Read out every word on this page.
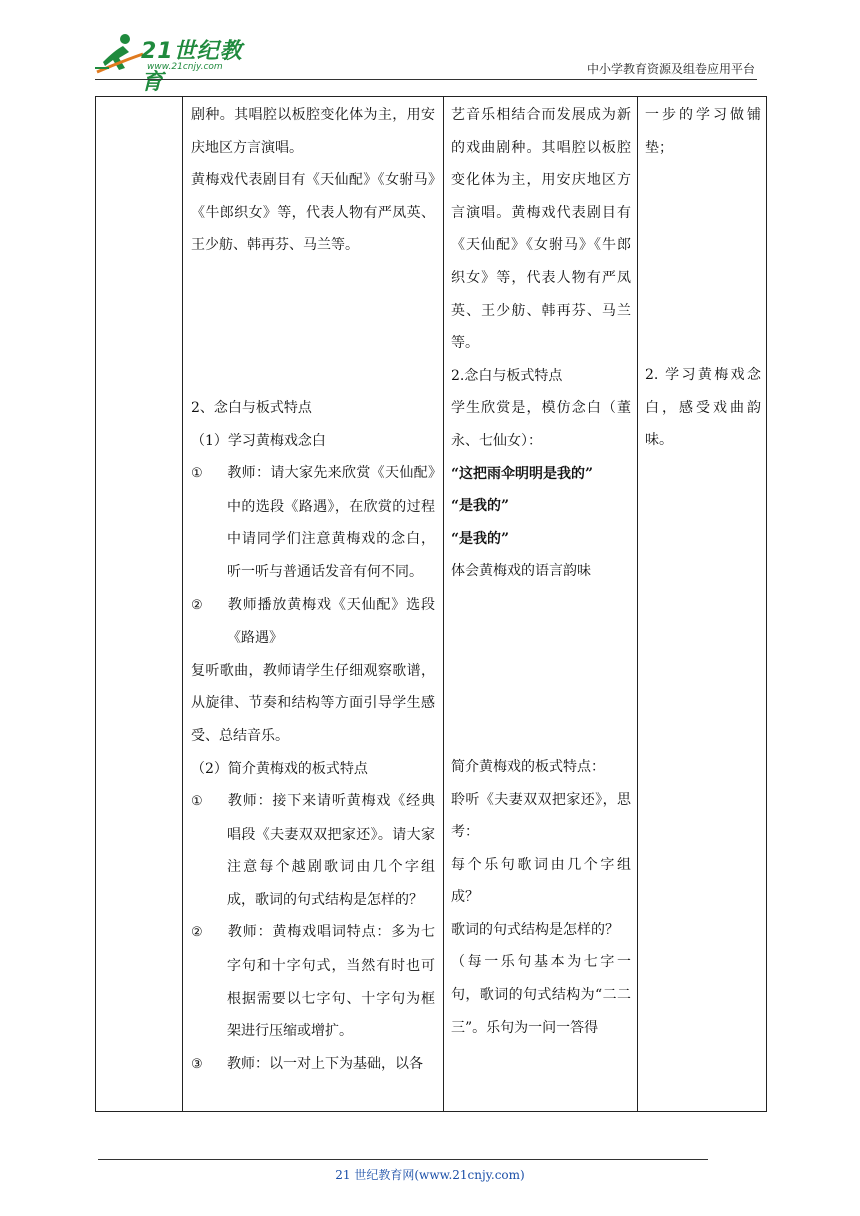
21世纪教育
www.21cnjy.com	中小学教育资源及组卷应用平台

剧种。其唱腔以板腔变化体为主，用安庆地区方言演唱。

黄梅戏代表剧目有《天仙配》《女驸马》《牛郎织女》等，代表人物有严凤英、王少舫、韩再芬、马兰等。

2、念白与板式特点

（1）学习黄梅戏念白

① 教师：请大家先来欣赏《天仙配》中的选段《路遇》，在欣赏的过程中请同学们注意黄梅戏的念白，听一听与普通话发音有何不同。

② 教师播放黄梅戏《天仙配》选段《路遇》

复听歌曲，教师请学生仔细观察歌谱，从旋律、节奏和结构等方面引导学生感受、总结音乐。

（2）简介黄梅戏的板式特点

① 教师：接下来请听黄梅戏《经典唱段《夫妻双双把家还》。请大家注意每个越剧歌词由几个字组成，歌词的句式结构是怎样的？

② 教师：黄梅戏唱词特点：多为七字句和十字句式，当然有时也可根据需要以七字句、十字句为框架进行压缩或增扩。

③ 教师：以一对上下为基础，以各

艺音乐相结合而发展成为新的戏曲剧种。其唱腔以板腔变化体为主，用安庆地区方言演唱。黄梅戏代表剧目有《天仙配》《女驸马》《牛郎织女》等，代表人物有严凤英、王少舫、韩再芬、马兰等。

2.念白与板式特点

学生欣赏是，模仿念白（董永、七仙女）：

“这把雨伞明明是我的”

“是我的”

“是我的”

体会黄梅戏的语言韵味

简介黄梅戏的板式特点：

聆听《夫妻双双把家还》，思考：

每个乐句歌词由几个字组成？

歌词的句式结构是怎样的？

（每一乐句基本为七字一句，歌词的句式结构为“二二三”。乐句为一问一答得

一步的学习做铺垫；

2. 学习黄梅戏念白，感受戏曲韵味。

21 世纪教育网(www.21cnjy.com)
